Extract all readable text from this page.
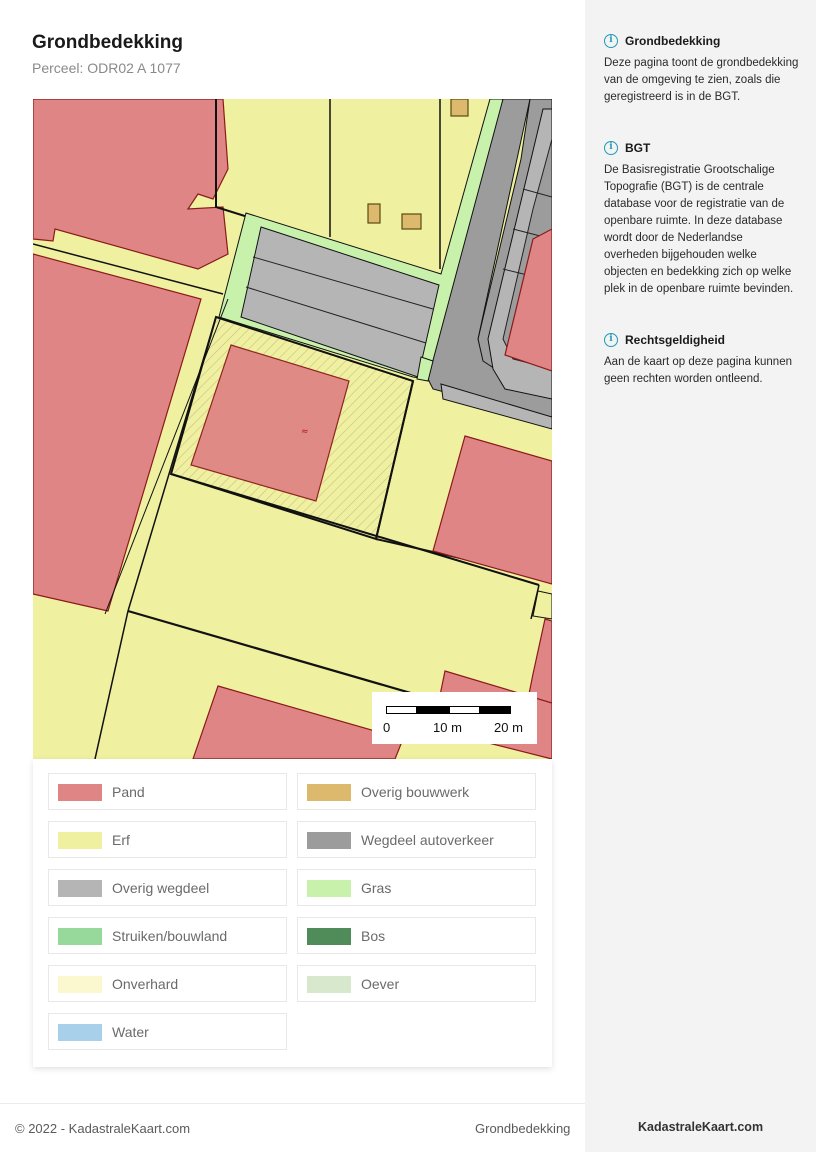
Grondbedekking
Perceel: ODR02 A 1077
≈
0	10 m 20 m
Pand	Overig bouwwerk
Erf	Wegdeel autoverkeer
Overig wegdeel	Gras
Struiken/bouwland	Bos
Onverhard	Oever
Water
© 2022 - KadastraleKaart.com	Grondbedekking
i	Grondbedekking
Deze pagina toont de grondbedekking van de omgeving te zien, zoals die geregistreerd is in de BGT.
i	BGT
De Basisregistratie Grootschalige Topografie (BGT) is de centrale database voor de registratie van de openbare ruimte. In deze database wordt door de Nederlandse overheden bijgehouden welke objecten en bedekking zich op welke plek in de openbare ruimte bevinden.
i	Rechtsgeldigheid
Aan de kaart op deze pagina kunnen geen rechten worden ontleend.
KadastraleKaart.com
